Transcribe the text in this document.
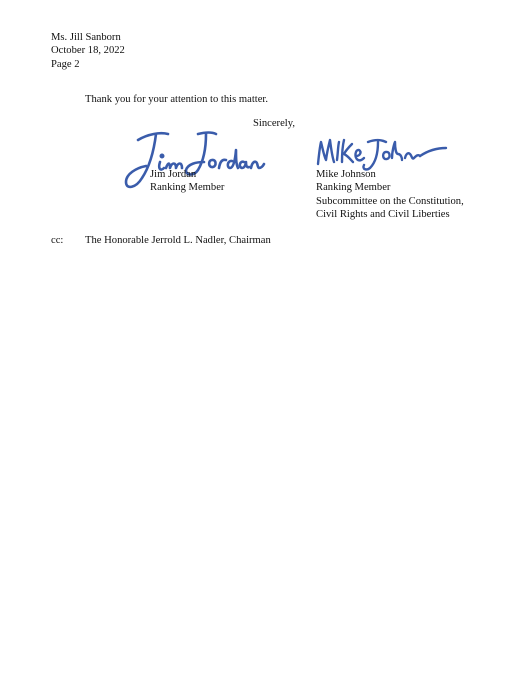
Ms. Jill Sanborn
October 18, 2022
Page 2
Thank you for your attention to this matter.
Sincerely,
Jim Jordan
Ranking Member
Mike Johnson
Ranking Member
Subcommittee on the Constitution,
Civil Rights and Civil Liberties
cc: The Honorable Jerrold L. Nadler, Chairman
